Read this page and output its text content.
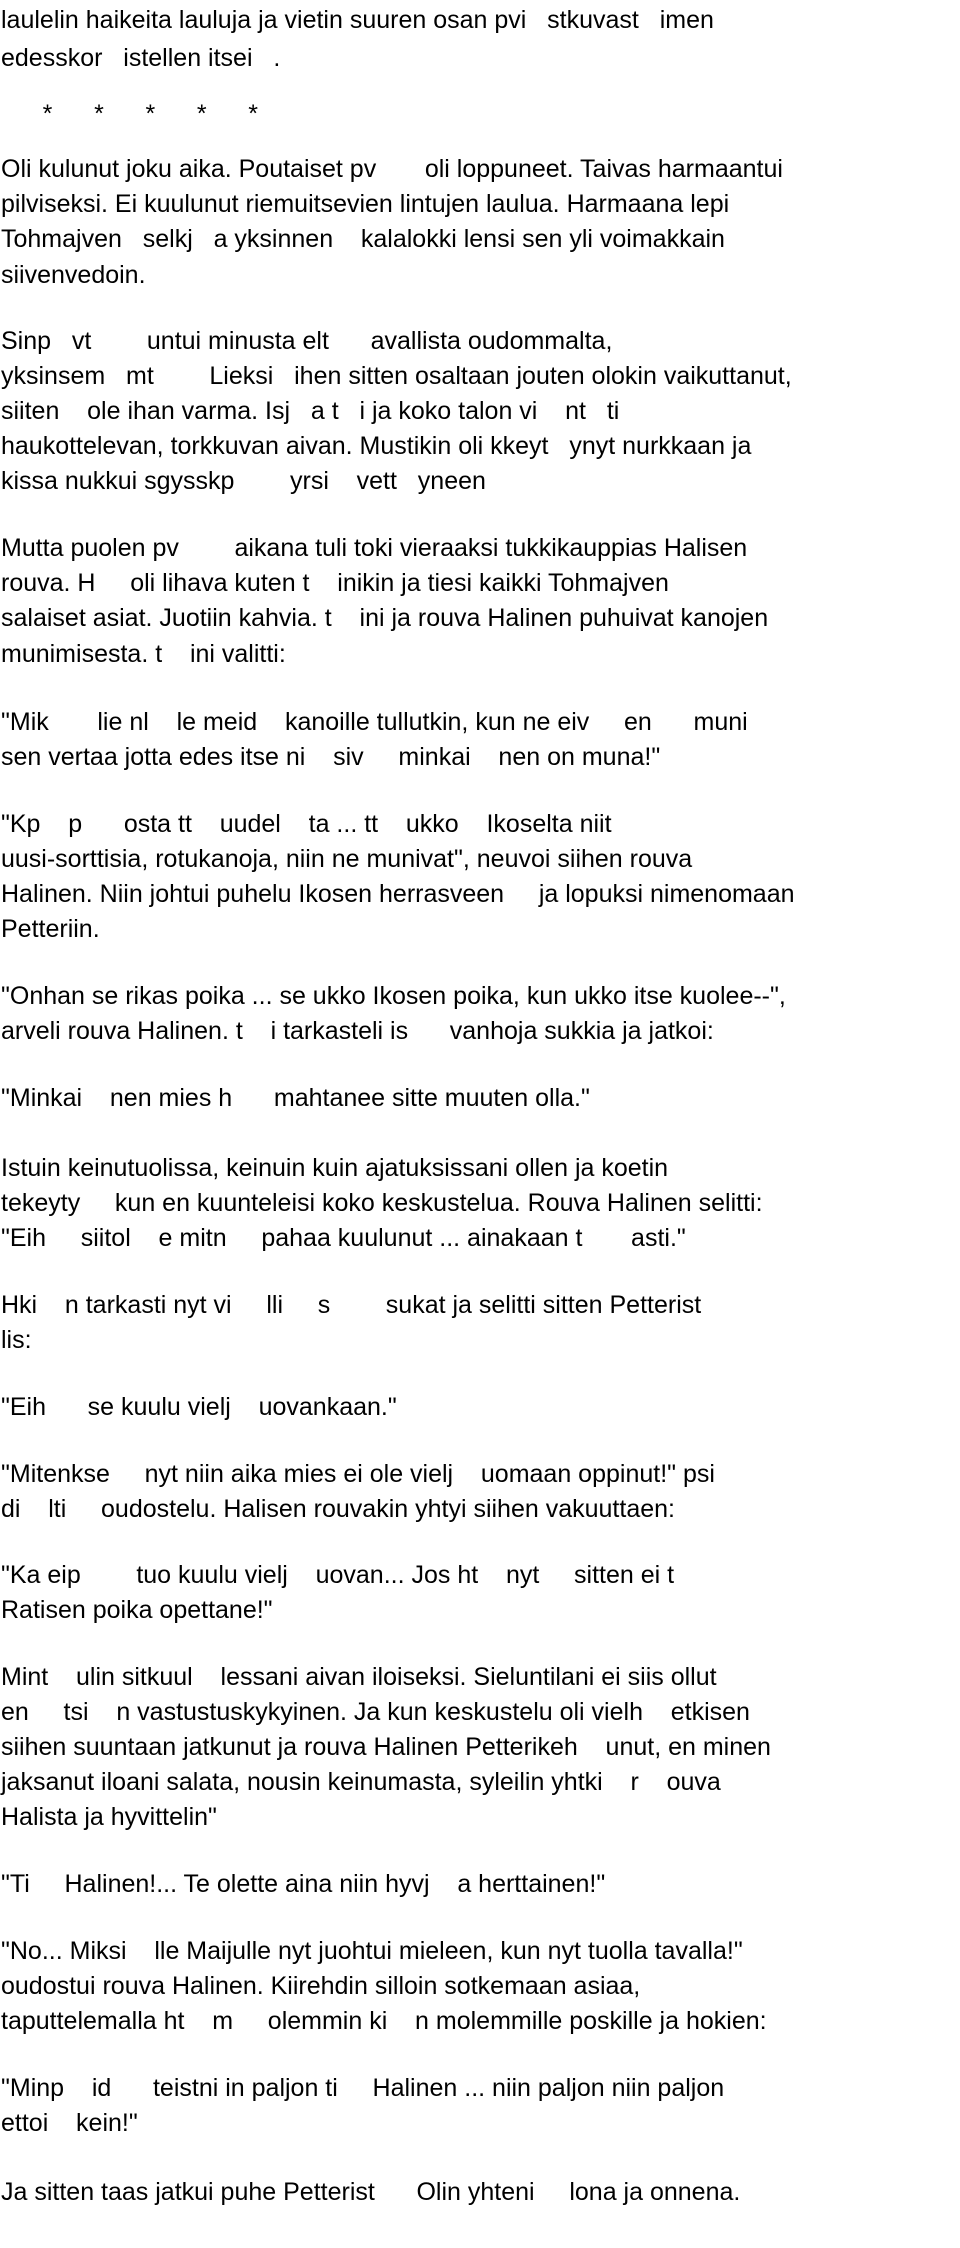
laulelin haikeita lauluja ja vietin suuren osan pvi   stkuvast   imen
edesskor   istellen itsei   .
*      *      *      *      *
Oli kulunut joku aika. Poutaiset pv       oli loppuneet. Taivas harmaantui
pilviseksi. Ei kuulunut riemuitsevien lintujen laulua. Harmaana lepi
Tohmajven   selkj   a yksinnen    kalalokki lensi sen yli voimakkain
siivenvedoin.
Sinp   vt        untui minusta elt      avallista oudommalta,
yksinsem   mt        Lieksi   ihen sitten osaltaan jouten olokin vaikuttanut,
siiten    ole ihan varma. Isj   a t   i ja koko talon vi    nt   ti
haukottelevan, torkkuvan aivan. Mustikin oli kkeyt   ynyt nurkkaan ja
kissa nukkui sgysskp        yrsi    vett   yneen
Mutta puolen pv        aikana tuli toki vieraaksi tukkikauppias Halisen
rouva. H     oli lihava kuten t    inikin ja tiesi kaikki Tohmajven
salaiset asiat. Juotiin kahvia. t    ini ja rouva Halinen puhuivat kanojen
munimisesta. t    ini valitti:
"Mik       lie nl    le meid    kanoille tullutkin, kun ne eiv     en      muni
sen vertaa jotta edes itse ni    siv     minkai    nen on muna!"
"Kp    p      osta tt    uudel    ta ... tt    ukko    Ikoselta niit
uusi-sorttisia, rotukanoja, niin ne munivat", neuvoi siihen rouva
Halinen. Niin johtui puhelu Ikosen herrasveen     ja lopuksi nimenomaan
Petteriin.
"Onhan se rikas poika ... se ukko Ikosen poika, kun ukko itse kuolee--",
arveli rouva Halinen. t    i tarkasteli is      vanhoja sukkia ja jatkoi:
"Minkai    nen mies h      mahtanee sitte muuten olla."
Istuin keinutuolissa, keinuin kuin ajatuksissani ollen ja koetin
tekeyty     kun en kuunteleisi koko keskustelua. Rouva Halinen selitti:
"Eih     siitol    e mitn     pahaa kuulunut ... ainakaan t       asti."
Hki    n tarkasti nyt vi     lli     s        sukat ja selitti sitten Petterist
lis:
"Eih      se kuulu vielj    uovankaan."
"Mitenkse     nyt niin aika mies ei ole vielj    uomaan oppinut!" psi
di    lti     oudostelu. Halisen rouvakin yhtyi siihen vakuuttaen:
"Ka eip        tuo kuulu vielj    uovan... Jos ht    nyt     sitten ei t
Ratisen poika opettane!"
Mint    ulin sitkuul    lessani aivan iloiseksi. Sieluntilani ei siis ollut
en     tsi    n vastustuskykyinen. Ja kun keskustelu oli vielh    etkisen
siihen suuntaan jatkunut ja rouva Halinen Petterikeh    unut, en minen
jaksanut iloani salata, nousin keinumasta, syleilin yhtki    r    ouva
Halista ja hyvittelin"
"Ti     Halinen!... Te olette aina niin hyvj    a herttainen!"
"No... Miksi    lle Maijulle nyt juohtui mieleen, kun nyt tuolla tavalla!"
oudostui rouva Halinen. Kiirehdin silloin sotkemaan asiaa,
taputtelemalla ht    m     olemmin ki    n molemmille poskille ja hokien:
"Minp    id      teistni in paljon ti     Halinen ... niin paljon niin paljon
ettoi    kein!"
Ja sitten taas jatkui puhe Petterist      Olin yhteni     lona ja onnena.
